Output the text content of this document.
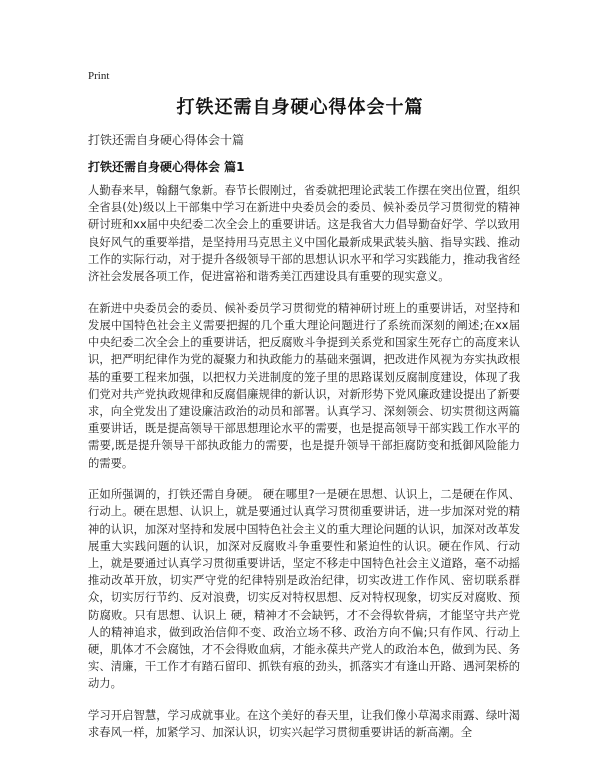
Print
打铁还需自身硬心得体会十篇
打铁还需自身硬心得体会十篇
打铁还需自身硬心得体会 篇1

人勤春来早，翰翻气象新。春节长假刚过，省委就把理论武装工作摆在突出位置，组织全省县(处)级以上干部集中学习在新进中央委员会的委员、候补委员学习贯彻党的精神研讨班和xx届中央纪委二次全会上的重要讲话。这是我省大力倡导勤奋好学、学以致用良好风气的重要举措，是坚持用马克思主义中国化最新成果武装头脑、指导实践、推动工作的实际行动，对于提升各级领导干部的思想认识水平和学习实践能力，推动我省经济社会发展各项工作，促进富裕和谐秀美江西建设具有重要的现实意义。

在新进中央委员会的委员、候补委员学习贯彻党的精神研讨班上的重要讲话，对坚持和发展中国特色社会主义需要把握的几个重大理论问题进行了系统而深刻的阐述;在xx届中央纪委二次全会上的重要讲话，把反腐败斗争提到关系党和国家生死存亡的高度来认识，把严明纪律作为党的凝聚力和执政能力的基础来强调，把改进作风视为夯实执政根基的重要工程来加强，以把权力关进制度的笼子里的思路谋划反腐制度建设，体现了我们党对共产党执政规律和反腐倡廉规律的新认识，对新形势下党风廉政建设提出了新要求，向全党发出了建设廉洁政治的动员和部署。认真学习、深刻领会、切实贯彻这两篇重要讲话，既是提高领导干部思想理论水平的需要，也是提高领导干部实践工作水平的需要,既是提升领导干部执政能力的需要，也是提升领导干部拒腐防变和抵御风险能力的需要。

正如所强调的，打铁还需自身硬。 硬在哪里?一是硬在思想、认识上，二是硬在作风、行动上。硬在思想、认识上，就是要通过认真学习贯彻重要讲话，进一步加深对党的精神的认识，加深对坚持和发展中国特色社会主义的重大理论问题的认识，加深对改革发展重大实践问题的认识，加深对反腐败斗争重要性和紧迫性的认识。硬在作风、行动上，就是要通过认真学习贯彻重要讲话，坚定不移走中国特色社会主义道路，毫不动摇推动改革开放，切实严守党的纪律特别是政治纪律，切实改进工作作风、密切联系群众，切实厉行节约、反对浪费，切实反对特权思想、反对特权现象，切实反对腐败、预防腐败。只有思想、认识上 硬，精神才不会缺钙，才不会得软骨病，才能坚守共产党人的精神追求，做到政治信仰不变、政治立场不移、政治方向不偏;只有作风、行动上 硬，肌体才不会腐蚀，才不会得败血病，才能永葆共产党人的政治本色，做到为民、务实、清廉，干工作才有踏石留印、抓铁有痕的劲头，抓落实才有逢山开路、遇河架桥的动力。

学习开启智慧，学习成就事业。在这个美好的春天里，让我们像小草渴求雨露、绿叶渴求春风一样，加紧学习、加深认识，切实兴起学习贯彻重要讲话的新高潮。全
